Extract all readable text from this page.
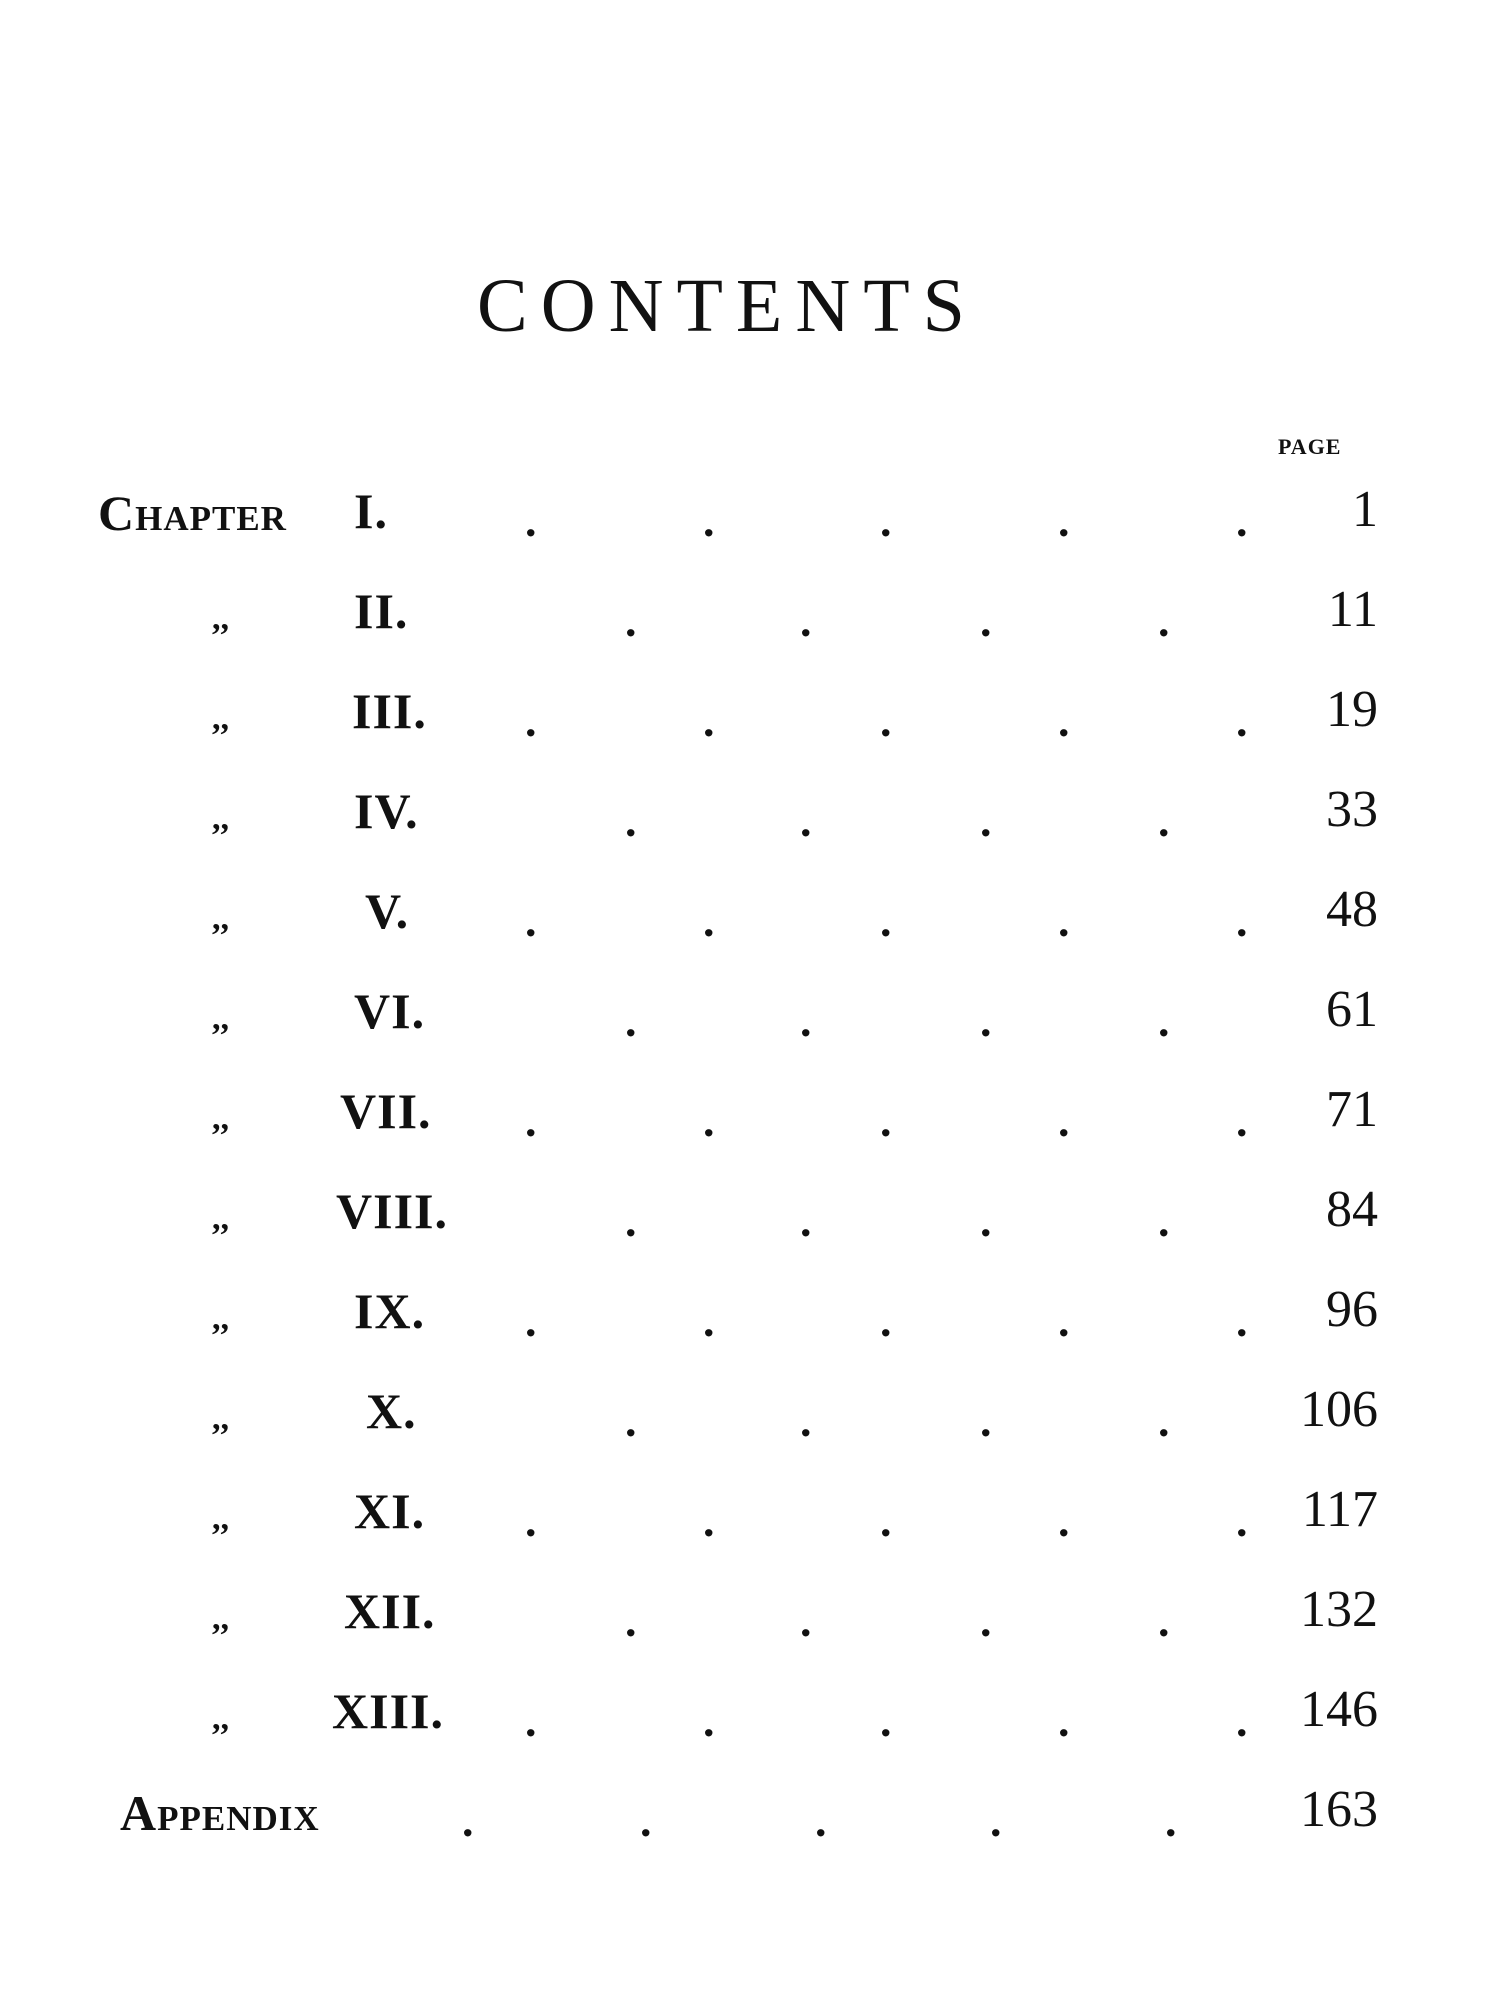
CONTENTS
PAGE
Chapter I.	.	.	.	.	. 1
,,	II.	.	.	.	.	11
,, III. .	.	.	.	. 19
,,	IV.	.	.	.	.	33
,,	V.	.	.	.	.	. 48
,,	VI.	.	.	.	.	61
,, VII. .	.	.	.	. 71
,, VIII.	.	.	.	.	84
,,	IX. .	.	.	.	. 96
,,	X.	.	.	.	.	106
,,	XI. .	.	.	.	. 117
,, XII.	.	.	.	.	132
,, XIII. .	.	.	.	. 146
Appendix	.	.	.	.	. 163
